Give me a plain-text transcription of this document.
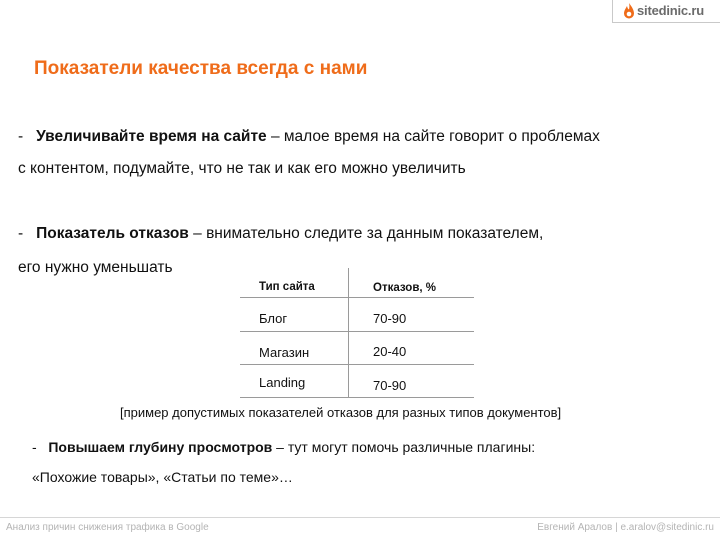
sitedinic.ru
Показатели качества всегда с нами
- Увеличивайте время на сайте – малое время на сайте говорит о проблемах
с контентом, подумайте, что не так и как его можно увеличить
- Показатель отказов – внимательно следите за данным показателем,
его нужно уменьшать
Тип сайта	Отказов, %
Блог	70-90
Магазин	20-40
Landing	70-90
[пример допустимых показателей отказов для разных типов документов]
- Повышаем глубину просмотров – тут могут помочь различные плагины:
«Похожие товары», «Статьи по теме»…
Анализ причин снижения трафика в Google	Евгений Аралов | e.aralov@sitedinic.ru
